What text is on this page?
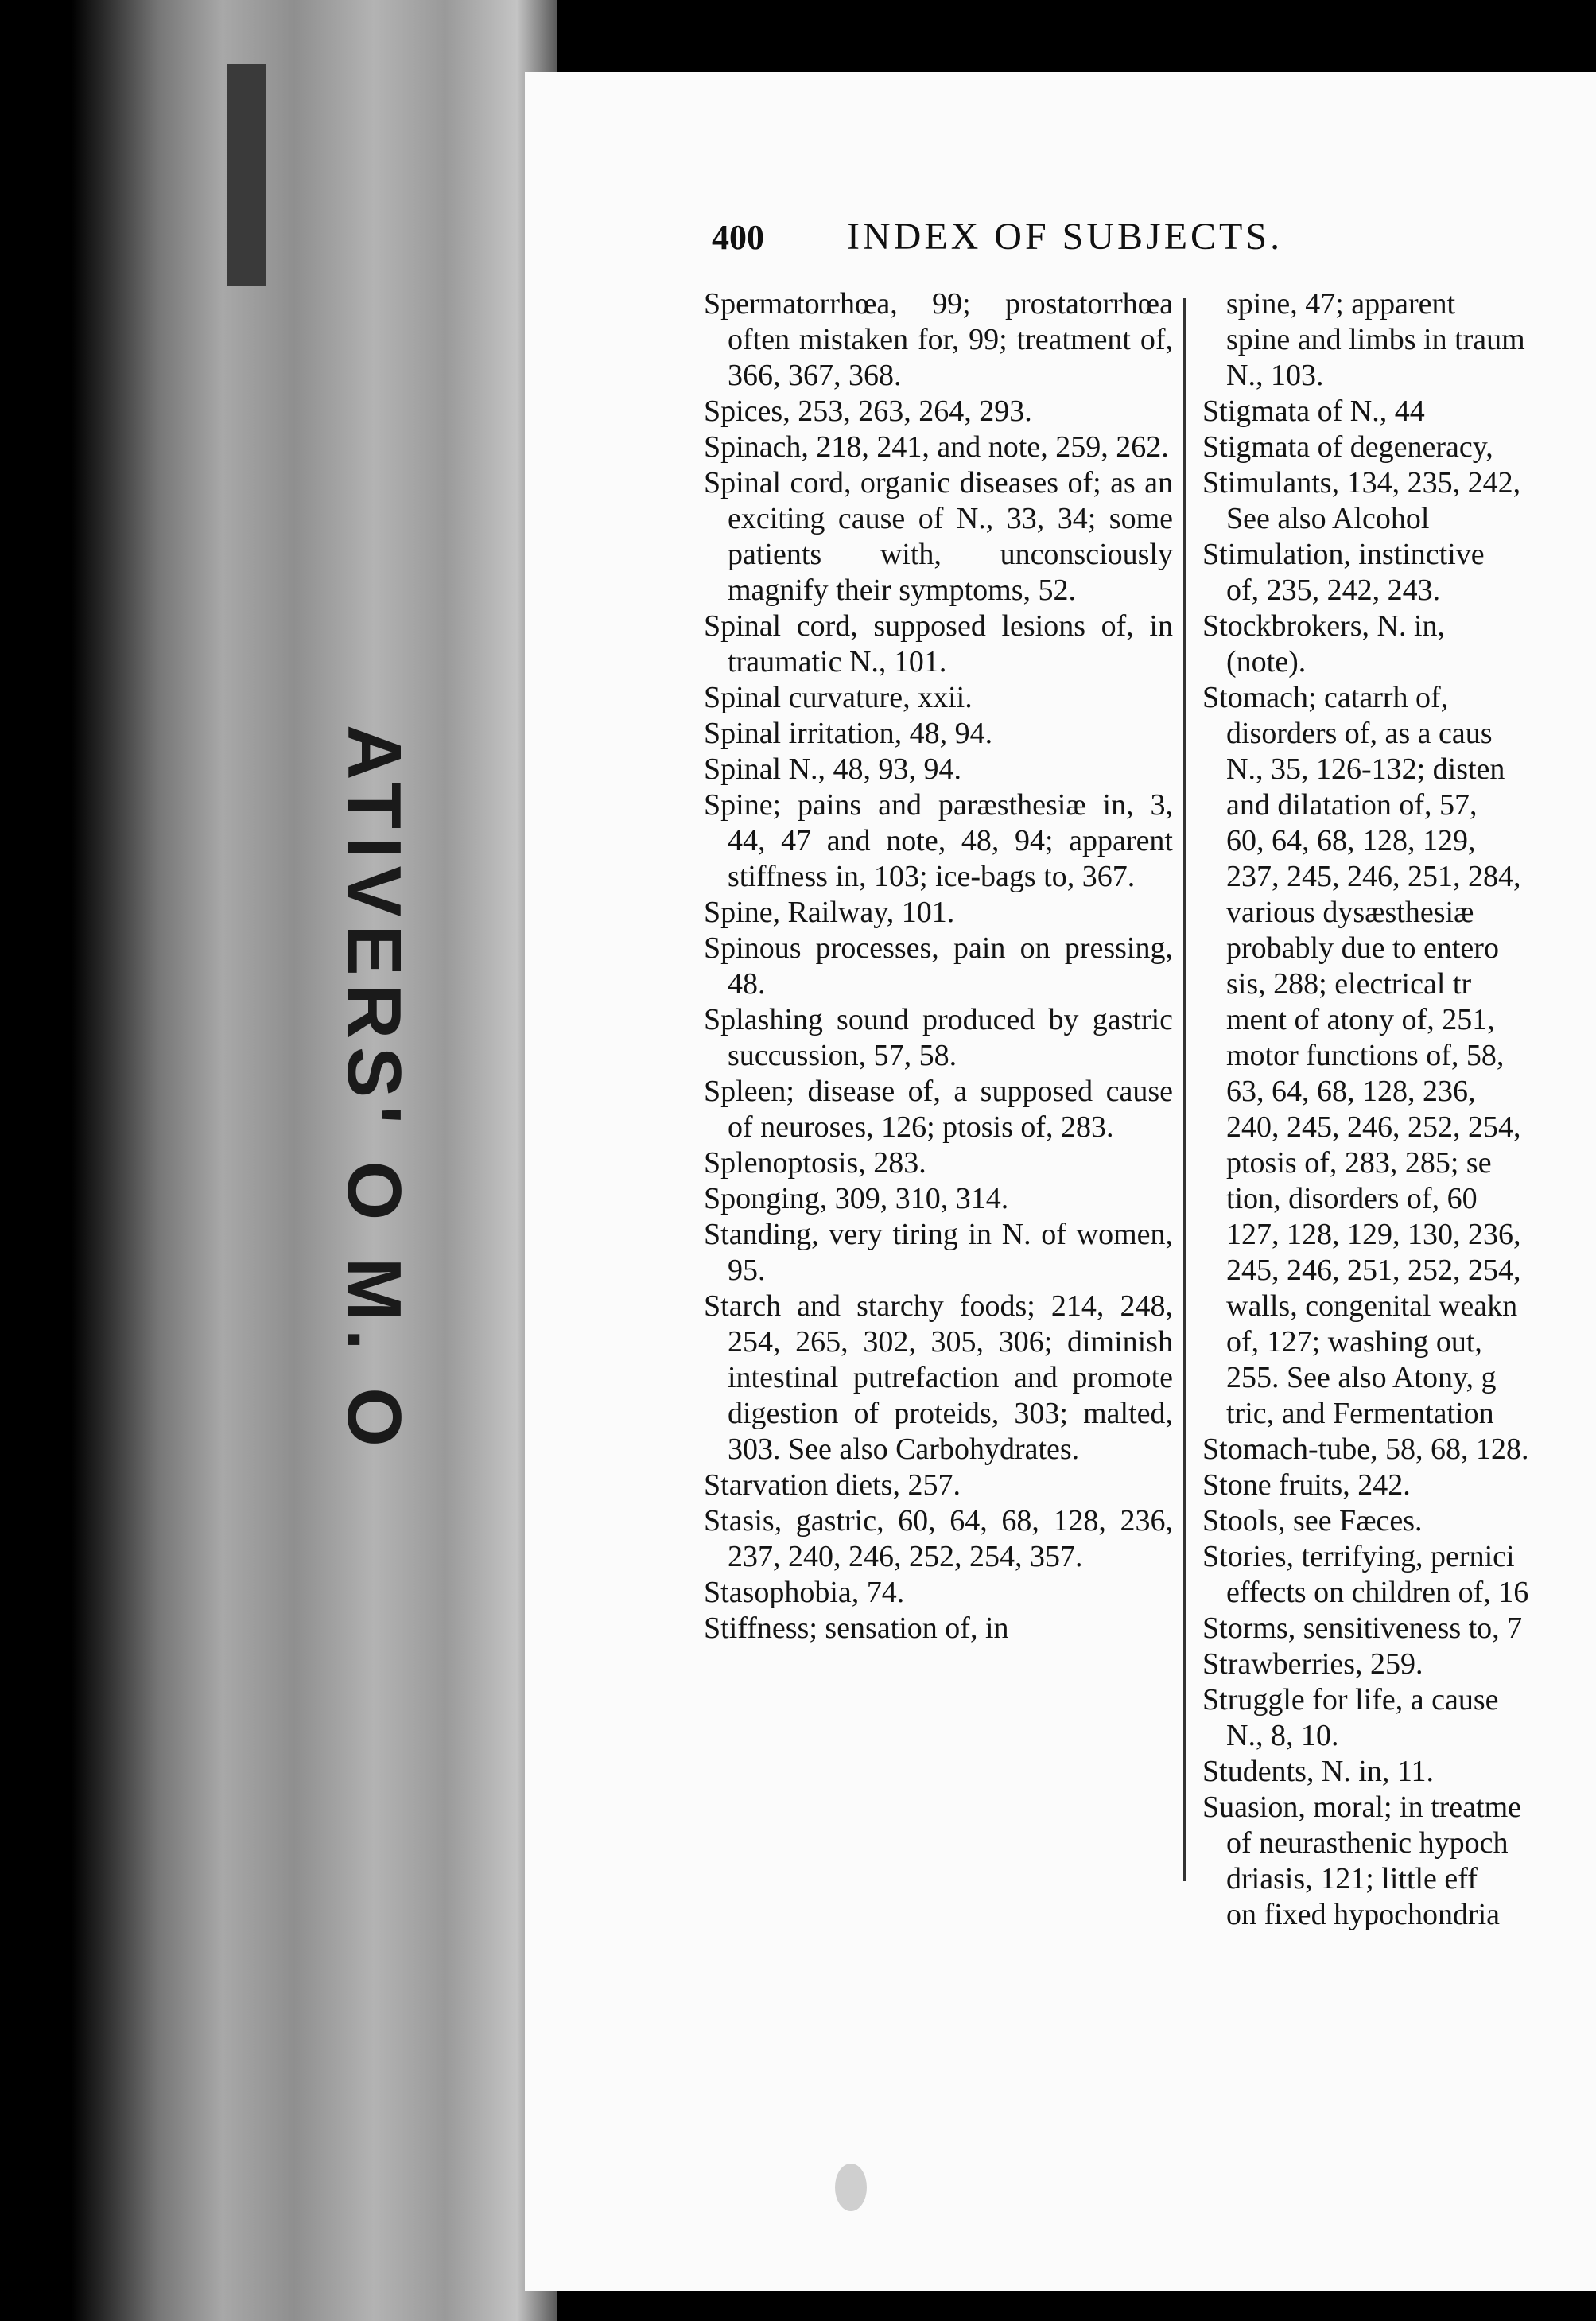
ATIVERS' O M. O
400 INDEX OF SUBJECTS.

Spermatorrhœa, 99; prostatorrhœa often mistaken for, 99; treatment of, 366, 367, 368.

Spices, 253, 263, 264, 293.

Spinach, 218, 241, and note, 259, 262.

Spinal cord, organic diseases of; as an exciting cause of N., 33, 34; some patients with, unconsciously magnify their symptoms, 52.

Spinal cord, supposed lesions of, in traumatic N., 101.

Spinal curvature, xxii.

Spinal irritation, 48, 94.

Spinal N., 48, 93, 94.

Spine; pains and paræsthesiæ in, 3, 44, 47 and note, 48, 94; apparent stiffness in, 103; ice-bags to, 367.

Spine, Railway, 101.

Spinous processes, pain on pressing, 48.

Splashing sound produced by gastric succussion, 57, 58.

Spleen; disease of, a supposed cause of neuroses, 126; ptosis of, 283.

Splenoptosis, 283.

Sponging, 309, 310, 314.

Standing, very tiring in N. of women, 95.

Starch and starchy foods; 214, 248, 254, 265, 302, 305, 306; diminish intestinal putrefaction and promote digestion of proteids, 303; malted, 303. See also Carbohydrates.

Starvation diets, 257.

Stasis, gastric, 60, 64, 68, 128, 236, 237, 240, 246, 252, 254, 357.

Stasophobia, 74.

Stiffness; sensation of, in

spine, 47; apparent

spine and limbs in traum

N., 103.

Stigmata of N., 44

Stigmata of degeneracy,

Stimulants, 134, 235, 242,

See also Alcohol

Stimulation, instinctive

of, 235, 242, 243.

Stockbrokers, N. in,

(note).

Stomach; catarrh of,

disorders of, as a caus

N., 35, 126-132; disten

and dilatation of, 57,

60, 64, 68, 128, 129,

237, 245, 246, 251, 284,

various dysæsthesiæ

probably due to entero

sis, 288; electrical tr

ment of atony of, 251,

motor functions of, 58,

63, 64, 68, 128, 236,

240, 245, 246, 252, 254,

ptosis of, 283, 285; se

tion, disorders of, 60

127, 128, 129, 130, 236,

245, 246, 251, 252, 254,

walls, congenital weakn

of, 127; washing out,

255. See also Atony, g

tric, and Fermentation

Stomach-tube, 58, 68, 128.

Stone fruits, 242.

Stools, see Fæces.

Stories, terrifying, pernici

effects on children of, 16

Storms, sensitiveness to, 7

Strawberries, 259.

Struggle for life, a cause

N., 8, 10.

Students, N. in, 11.

Suasion, moral; in treatme

of neurasthenic hypoch

driasis, 121; little eff

on fixed hypochondria
